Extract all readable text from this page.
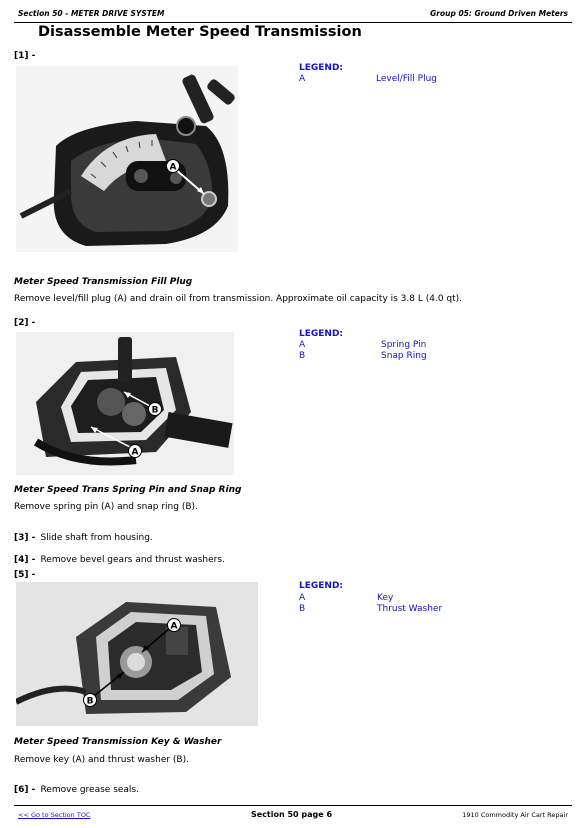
Section 50 - METER DRIVE SYSTEM	Group 05: Ground Driven Meters
Disassemble Meter Speed Transmission
[1] -
A
LEGEND:
A	Level/Fill Plug
Meter Speed Transmission Fill Plug
Remove level/fill plug (A) and drain oil from transmission. Approximate oil capacity is 3.8 L (4.0 qt).
[2] -
B
A
LEGEND:
A	Spring Pin
B	Snap Ring
Meter Speed Trans Spring Pin and Snap Ring
Remove spring pin (A) and snap ring (B).
[3] - Slide shaft from housing.
[4] - Remove bevel gears and thrust washers.
[5] -
A
B
LEGEND:
A	Key
B	Thrust Washer
Meter Speed Transmission Key & Washer
Remove key (A) and thrust washer (B).
[6] - Remove grease seals.
<< Go to Section TOC	Section 50 page 6	1910 Commodity Air Cart Repair
